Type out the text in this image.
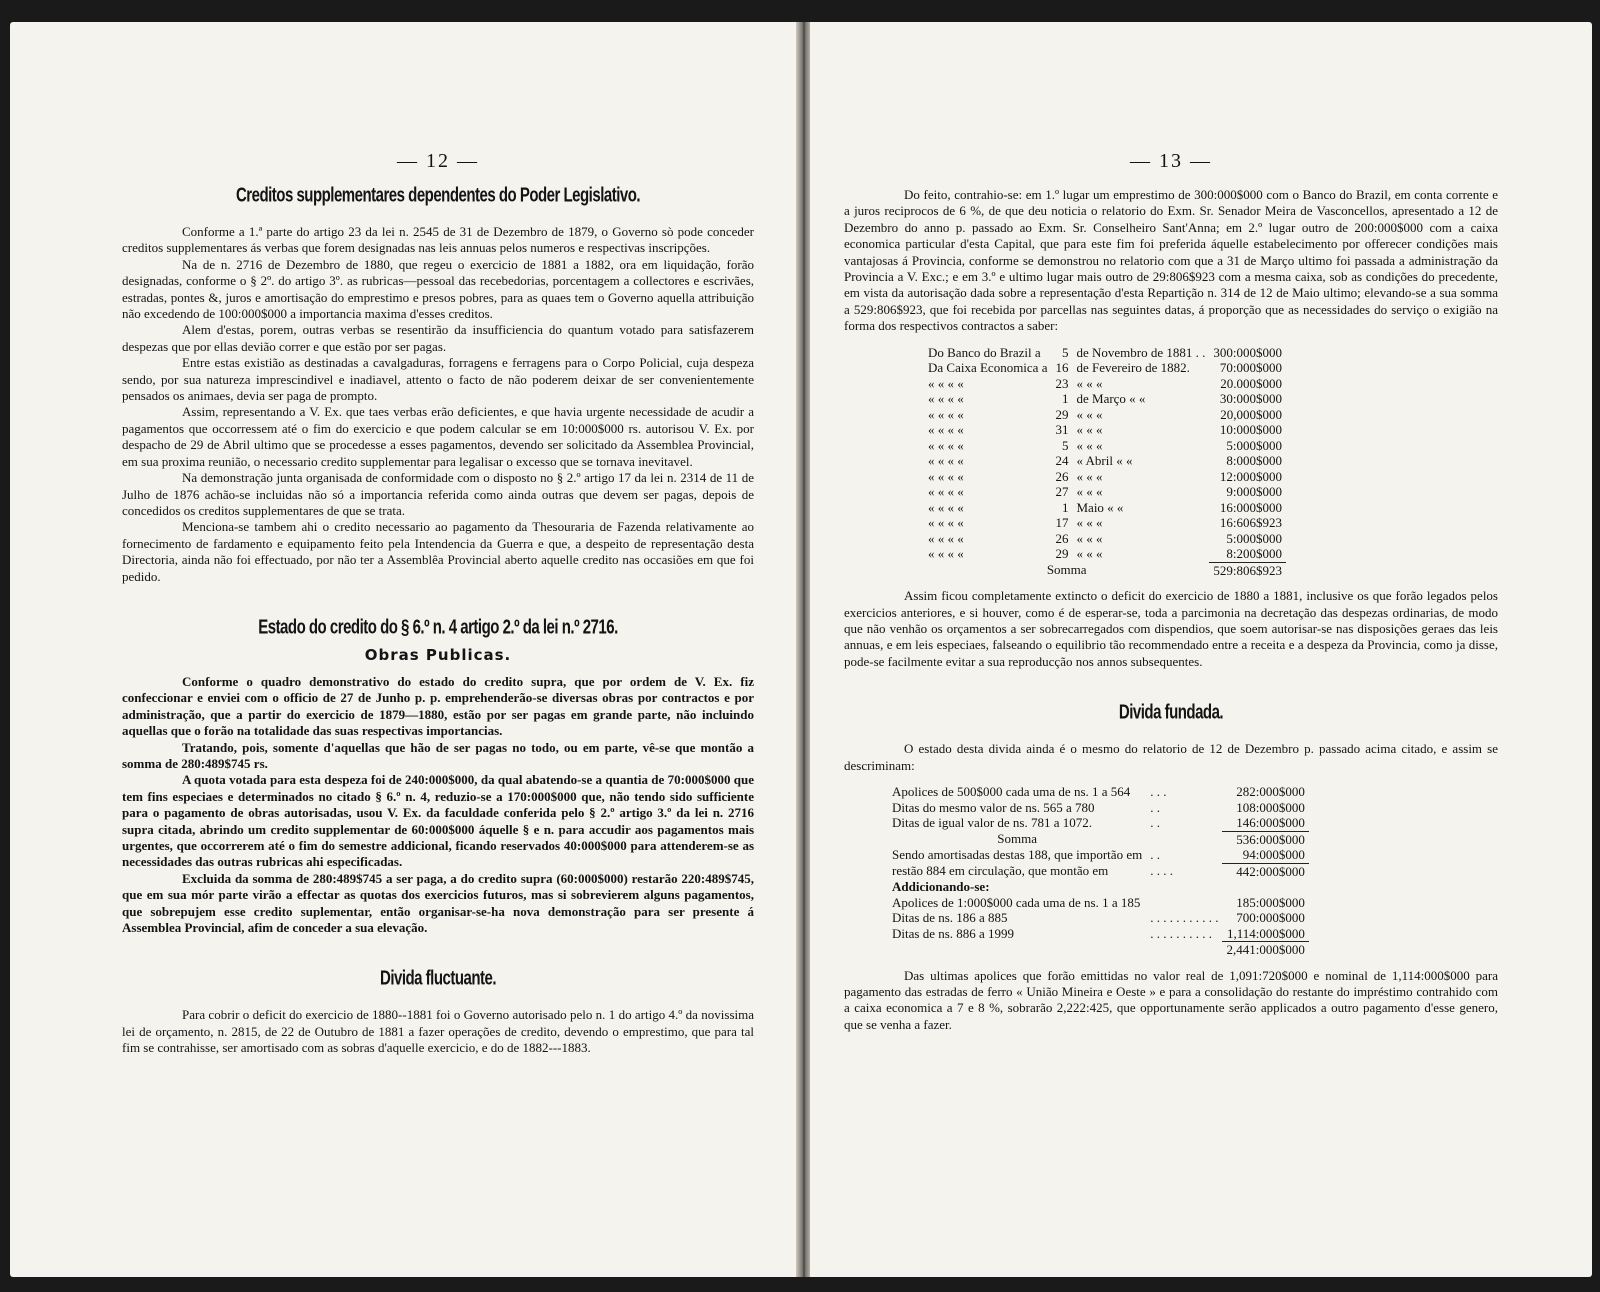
— 12 —
Creditos supplementares dependentes do Poder Legislativo.

Conforme a 1.ª parte do artigo 23 da lei n. 2545 de 31 de Dezembro de 1879, o Governo sò pode conceder creditos supplementares ás verbas que forem designadas nas leis annuas pelos numeros e respectivas inscripções.

Na de n. 2716 de Dezembro de 1880, que regeu o exercicio de 1881 a 1882, ora em liquidação, forão designadas, conforme o § 2º. do artigo 3º. as rubricas—pessoal das recebedorias, porcentagem a collectores e escrivães, estradas, pontes &, juros e amortisação do emprestimo e presos pobres, para as quaes tem o Governo aquella attribuição não excedendo de 100:000$000 a importancia maxima d'esses creditos.

Alem d'estas, porem, outras verbas se resentirão da insufficiencia do quantum votado para satisfazerem despezas que por ellas devião correr e que estão por ser pagas.

Entre estas existião as destinadas a cavalgaduras, forragens e ferragens para o Corpo Policial, cuja despeza sendo, por sua natureza imprescindivel e inadiavel, attento o facto de não poderem deixar de ser convenientemente pensados os animaes, devia ser paga de prompto.

Assim, representando a V. Ex. que taes verbas erão deficientes, e que havia urgente necessidade de acudir a pagamentos que occorressem até o fim do exercicio e que podem calcular se em 10:000$000 rs. autorisou V. Ex. por despacho de 29 de Abril ultimo que se procedesse a esses pagamentos, devendo ser solicitado da Assemblea Provincial, em sua proxima reunião, o necessario credito supplementar para legalisar o excesso que se tornava inevitavel.

Na demonstração junta organisada de conformidade com o disposto no § 2.º artigo 17 da lei n. 2314 de 11 de Julho de 1876 achão-se incluidas não só a importancia referida como ainda outras que devem ser pagas, depois de concedidos os creditos supplementares de que se trata.

Menciona-se tambem ahi o credito necessario ao pagamento da Thesouraria de Fazenda relativamente ao fornecimento de fardamento e equipamento feito pela Intendencia da Guerra e que, a despeito de representação desta Directoria, ainda não foi effectuado, por não ter a Assemblêa Provincial aberto aquelle credito nas occasiões em que foi pedido.

Estado do credito do § 6.º n. 4 artigo 2.º da lei n.º 2716.
Obras Publicas.

Conforme o quadro demonstrativo do estado do credito supra, que por ordem de V. Ex. fiz confeccionar e enviei com o officio de 27 de Junho p. p. emprehenderão-se diversas obras por contractos e por administração, que a partir do exercicio de 1879—1880, estão por ser pagas em grande parte, não incluindo aquellas que o forão na totalidade das suas respectivas importancias.

Tratando, pois, somente d'aquellas que hão de ser pagas no todo, ou em parte, vê-se que montão a somma de 280:489$745 rs.

A quota votada para esta despeza foi de 240:000$000, da qual abatendo-se a quantia de 70:000$000 que tem fins especiaes e determinados no citado § 6.º n. 4, reduzio-se a 170:000$000 que, não tendo sido sufficiente para o pagamento de obras autorisadas, usou V. Ex. da faculdade conferida pelo § 2.º artigo 3.º da lei n. 2716 supra citada, abrindo um credito supplementar de 60:000$000 áquelle § e n. para accudir aos pagamentos mais urgentes, que occorrerem até o fim do semestre addicional, ficando reservados 40:000$000 para attenderem-se as necessidades das outras rubricas ahi especificadas.

Excluida da somma de 280:489$745 a ser paga, a do credito supra (60:000$000) restarão 220:489$745, que em sua mór parte virão a effectar as quotas dos exercicios futuros, mas si sobrevierem alguns pagamentos, que sobrepujem esse credito suplementar, então organisar-se-ha nova demonstração para ser presente á Assemblea Provincial, afim de conceder a sua elevação.

Divida fluctuante.

Para cobrir o deficit do exercicio de 1880--1881 foi o Governo autorisado pelo n. 1 do artigo 4.º da novissima lei de orçamento, n. 2815, de 22 de Outubro de 1881 a fazer operações de credito, devendo o emprestimo, que para tal fim se contrahisse, ser amortisado com as sobras d'aquelle exercicio, e do de 1882---1883.

— 13 —

Do feito, contrahio-se: em 1.º lugar um emprestimo de 300:000$000 com o Banco do Brazil, em conta corrente e a juros reciprocos de 6 %, de que deu noticia o relatorio do Exm. Sr. Senador Meira de Vasconcellos, apresentado a 12 de Dezembro do anno p. passado ao Exm. Sr. Conselheiro Sant'Anna; em 2.º lugar outro de 200:000$000 com a caixa economica particular d'esta Capital, que para este fim foi preferida áquelle estabelecimento por offerecer condições mais vantajosas á Provincia, conforme se demonstrou no relatorio com que a 31 de Março ultimo foi passada a administração da Provincia a V. Exc.; e em 3.º e ultimo lugar mais outro de 29:806$923 com a mesma caixa, sob as condições do precedente, em vista da autorisação dada sobre a representação d'esta Repartição n. 314 de 12 de Maio ultimo; elevando-se a sua somma a 529:806$923, que foi recebida por parcellas nas seguintes datas, á proporção que as necessidades do serviço o exigião na forma dos respectivos contractos a saber:

Do Banco do Brazil a	5	de Novembro de 1881 . .	300:000$000
Da Caixa Economica a	16	de Fevereiro de 1882.	70:000$000
« « « «	23	« « «	20.000$000
« « « «	1	de Março « «	30:000$000
« « « «	29	« « «	20,000$000
« « « «	31	« « «	10:000$000
« « « «	5	« « «	5:000$000
« « « «	24	« Abril « «	8:000$000
« « « «	26	« « «	12:000$000
« « « «	27	« « «	9:000$000
« « « «	1	Maio « «	16:000$000
« « « «	17	« « «	16:606$923
« « « «	26	« « «	5:000$000
« « « «	29	« « «	8:200$000
Somma			529:806$923

Assim ficou completamente extincto o deficit do exercicio de 1880 a 1881, inclusive os que forão legados pelos exercicios anteriores, e si houver, como é de esperar-se, toda a parcimonia na decretação das despezas ordinarias, de modo que não venhão os orçamentos a ser sobrecarregados com dispendios, que soem autorisar-se nas disposições geraes das leis annuas, e em leis especiaes, falseando o equilibrio tão recommendado entre a receita e a despeza da Provincia, como ja disse, pode-se facilmente evitar a sua reproducção nos annos subsequentes.

Divida fundada.

O estado desta divida ainda é o mesmo do relatorio de 12 de Dezembro p. passado acima citado, e assim se descriminam:

Apolices de 500$000 cada uma de ns. 1 a 564	. . .	282:000$000
Ditas do mesmo valor de ns. 565 a 780	. .	108:000$000
Ditas de igual valor de ns. 781 a 1072.	. .	146:000$000
Somma		536:000$000
Sendo amortisadas destas 188, que importão em	. .	94:000$000
restão 884 em circulação, que montão em	. . . .	442:000$000
Addicionando-se:		
Apolices de 1:000$000 cada uma de ns. 1 a 185		185:000$000
Ditas de ns. 186 a 885	. . . . . . . . . . .	700:000$000
Ditas de ns. 886 a 1999	. . . . . . . . . .	1,114:000$000
		2,441:000$000

Das ultimas apolices que forão emittidas no valor real de 1,091:720$000 e nominal de 1,114:000$000 para pagamento das estradas de ferro « União Mineira e Oeste » e para a consolidação do restante do impréstimo contrahido com a caixa economica a 7 e 8 %, sobrarão 2,222:425, que opportunamente serão applicados a outro pagamento d'esse genero, que se venha a fazer.
